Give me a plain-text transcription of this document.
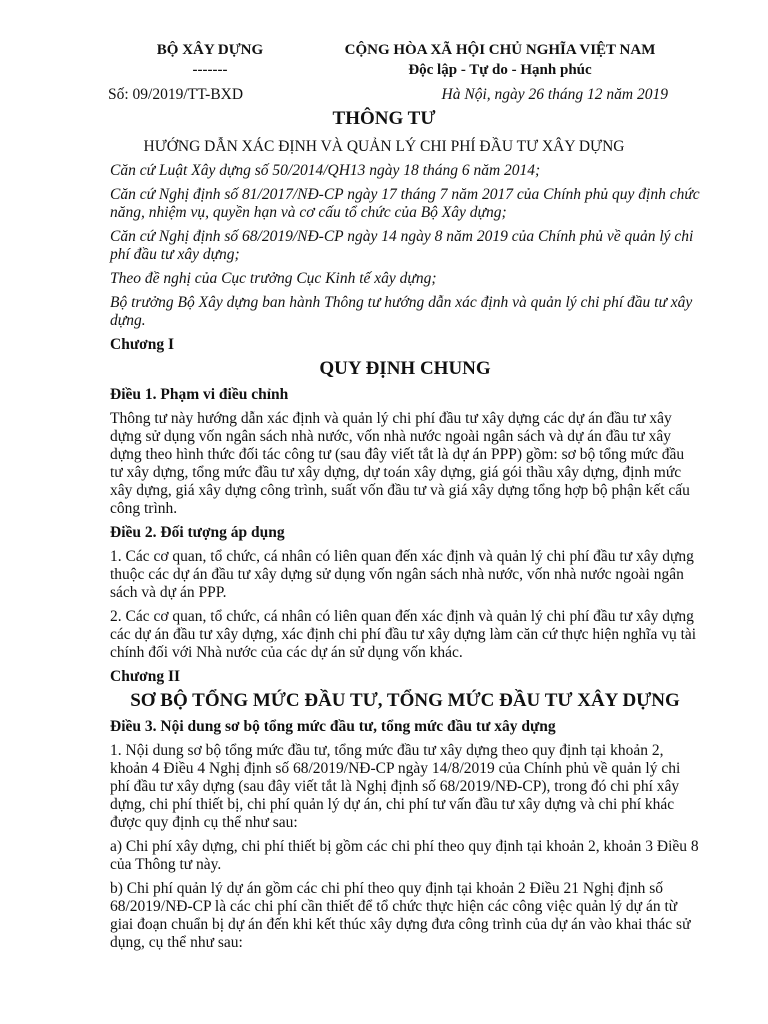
BỘ XÂY DỰNG
-------
CỘNG HÒA XÃ HỘI CHỦ NGHĨA VIỆT NAM
Độc lập - Tự do - Hạnh phúc
Số: 09/2019/TT-BXD	Hà Nội, ngày 26 tháng 12 năm 2019
THÔNG TƯ
HƯỚNG DẪN XÁC ĐỊNH VÀ QUẢN LÝ CHI PHÍ ĐẦU TƯ XÂY DỰNG

Căn cứ Luật Xây dựng số 50/2014/QH13 ngày 18 tháng 6 năm 2014;

Căn cứ Nghị định số 81/2017/NĐ-CP ngày 17 tháng 7 năm 2017 của Chính phủ quy định chức năng, nhiệm vụ, quyền hạn và cơ cấu tổ chức của Bộ Xây dựng;

Căn cứ Nghị định số 68/2019/NĐ-CP ngày 14 ngày 8 năm 2019 của Chính phủ về quản lý chi phí đầu tư xây dựng;

Theo đề nghị của Cục trưởng Cục Kinh tế xây dựng;

Bộ trưởng Bộ Xây dựng ban hành Thông tư hướng dẫn xác định và quản lý chi phí đầu tư xây dựng.

Chương I

QUY ĐỊNH CHUNG

Điều 1. Phạm vi điều chỉnh

Thông tư này hướng dẫn xác định và quản lý chi phí đầu tư xây dựng các dự án đầu tư xây dựng sử dụng vốn ngân sách nhà nước, vốn nhà nước ngoài ngân sách và dự án đầu tư xây dựng theo hình thức đối tác công tư (sau đây viết tắt là dự án PPP) gồm: sơ bộ tổng mức đầu tư xây dựng, tổng mức đầu tư xây dựng, dự toán xây dựng, giá gói thầu xây dựng, định mức xây dựng, giá xây dựng công trình, suất vốn đầu tư và giá xây dựng tổng hợp bộ phận kết cấu công trình.

Điều 2. Đối tượng áp dụng

1. Các cơ quan, tổ chức, cá nhân có liên quan đến xác định và quản lý chi phí đầu tư xây dựng thuộc các dự án đầu tư xây dựng sử dụng vốn ngân sách nhà nước, vốn nhà nước ngoài ngân sách và dự án PPP.

2. Các cơ quan, tổ chức, cá nhân có liên quan đến xác định và quản lý chi phí đầu tư xây dựng các dự án đầu tư xây dựng, xác định chi phí đầu tư xây dựng làm căn cứ thực hiện nghĩa vụ tài chính đối với Nhà nước của các dự án sử dụng vốn khác.

Chương II

SƠ BỘ TỔNG MỨC ĐẦU TƯ, TỔNG MỨC ĐẦU TƯ XÂY DỰNG

Điều 3. Nội dung sơ bộ tổng mức đầu tư, tổng mức đầu tư xây dựng

1. Nội dung sơ bộ tổng mức đầu tư, tổng mức đầu tư xây dựng theo quy định tại khoản 2, khoản 4 Điều 4 Nghị định số 68/2019/NĐ-CP ngày 14/8/2019 của Chính phủ về quản lý chi phí đầu tư xây dựng (sau đây viết tắt là Nghị định số 68/2019/NĐ-CP), trong đó chi phí xây dựng, chi phí thiết bị, chi phí quản lý dự án, chi phí tư vấn đầu tư xây dựng và chi phí khác được quy định cụ thể như sau:

a) Chi phí xây dựng, chi phí thiết bị gồm các chi phí theo quy định tại khoản 2, khoản 3 Điều 8 của Thông tư này.

b) Chi phí quản lý dự án gồm các chi phí theo quy định tại khoản 2 Điều 21 Nghị định số 68/2019/NĐ-CP là các chi phí cần thiết để tổ chức thực hiện các công việc quản lý dự án từ giai đoạn chuẩn bị dự án đến khi kết thúc xây dựng đưa công trình của dự án vào khai thác sử dụng, cụ thể như sau:
